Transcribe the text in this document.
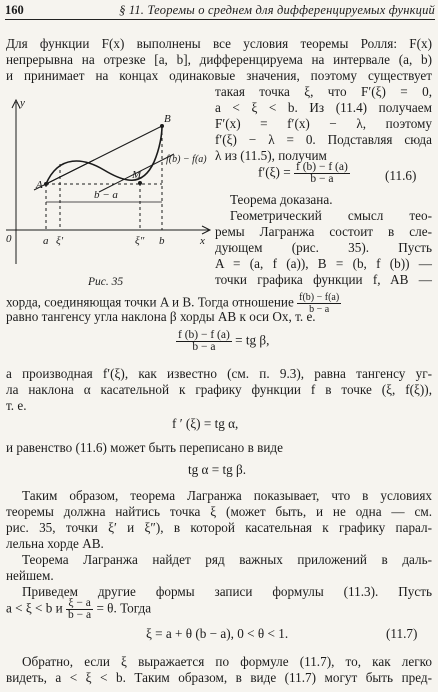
160	§ 11. Теоремы о среднем для дифференцируемых функций
Для функции F(x) выполнены все условия теоремы Ролля: F(x)
непрерывна на отрезке [a, b], дифференцируема на интервале (a, b)
и принимает на концах одинаковые значения, поэтому существует
такая точка ξ, что F′(ξ) = 0,
a < ξ < b. Из (11.4) получаем
F′(x) = f′(x) − λ, поэтому
f′(ξ) − λ = 0. Подставляя сюда
λ из (11.5), получим
$f'(\xi) = \frac{f (b) - f (a)}{b - a}$	(11.6)
Теорема доказана.
Геометрический смысл тео-
ремы Лагранжа состоит в сле-
дующем (рис. 35). Пусть
A = (a, f (a)), B = (b, f (b)) —
точки графика функции f, AB —
y
x
0
A
B
M
a ξ′	ξ″ b
b − a
f(b) − f(a)
Рис. 35
хорда, соединяющая точки A и B. Тогда отношение $\frac{f(b) - f(a)}{b - a}$
равно тангенсу угла наклона β хорды AB к оси Ox, т. е.
$\frac{f (b) - f (a)}{b - a}$ = tg β,
а производная f′(ξ), как известно (см. п. 9.3), равна тангенсу уг-
ла наклона α касательной к графику функции f в точке (ξ, f(ξ)),
т. е.
f ′ (ξ) = tg α,
и равенство (11.6) может быть переписано в виде
tg α = tg β.
Таким образом, теорема Лагранжа показывает, что в условиях
теоремы должна найтись точка ξ (может быть, и не одна — см.
рис. 35, точки ξ′ и ξ″), в которой касательная к графику парал-
лельна хорде AB.
Теорема Лагранжа найдет ряд важных приложений в даль-
нейшем.
Приведем другие формы записи формулы (11.3). Пусть
a < ξ < b и $\frac{\xi - a}{b - a} = \theta$. Тогда
ξ = a + θ (b − a), 0 < θ < 1.	(11.7)
Обратно, если ξ выражается по формуле (11.7), то, как легко
видеть, a < ξ < b. Таким образом, в виде (11.7) могут быть пред-
